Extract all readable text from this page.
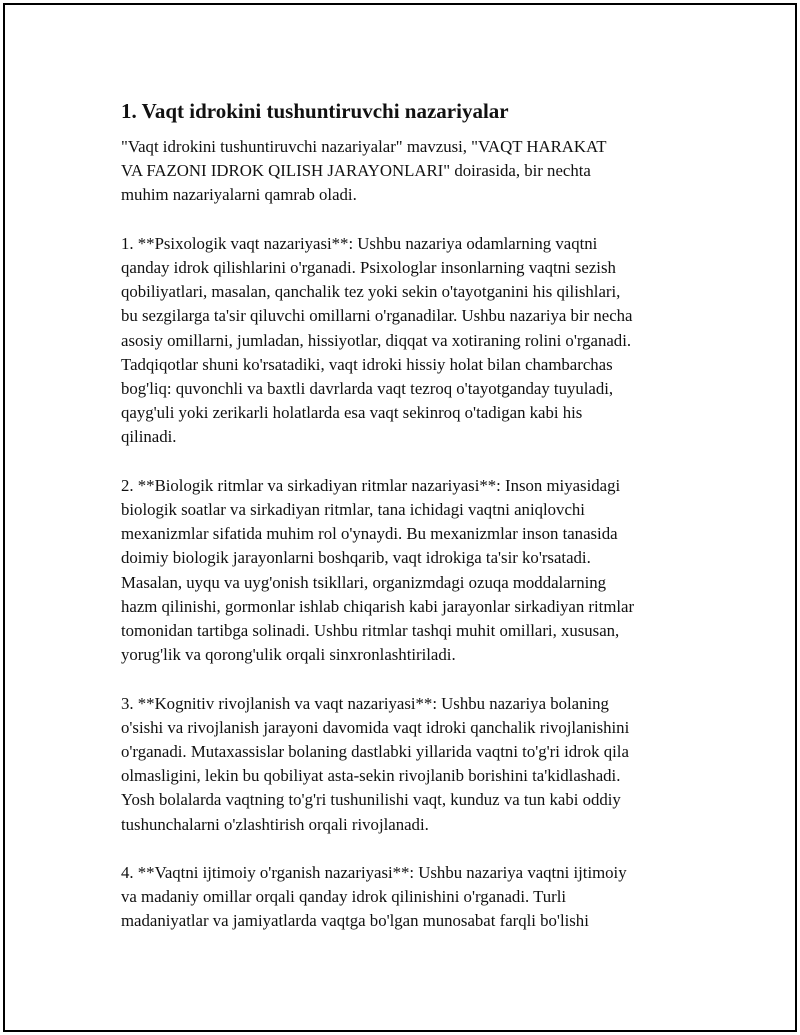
1. Vaqt idrokini tushuntiruvchi nazariyalar
"Vaqt idrokini tushuntiruvchi nazariyalar" mavzusi, "VAQT HARAKAT
VA FAZONI IDROK QILISH JARAYONLARI" doirasida, bir nechta
muhim nazariyalarni qamrab oladi.
1. **Psixologik vaqt nazariyasi**: Ushbu nazariya odamlarning vaqtni
qanday idrok qilishlarini o'rganadi. Psixologlar insonlarning vaqtni sezish
qobiliyatlari, masalan, qanchalik tez yoki sekin o'tayotganini his qilishlari,
bu sezgilarga ta'sir qiluvchi omillarni o'rganadilar. Ushbu nazariya bir necha
asosiy omillarni, jumladan, hissiyotlar, diqqat va xotiraning rolini o'rganadi.
Tadqiqotlar shuni ko'rsatadiki, vaqt idroki hissiy holat bilan chambarchas
bog'liq: quvonchli va baxtli davrlarda vaqt tezroq o'tayotganday tuyuladi,
qayg'uli yoki zerikarli holatlarda esa vaqt sekinroq o'tadigan kabi his
qilinadi.
2. **Biologik ritmlar va sirkadiyan ritmlar nazariyasi**: Inson miyasidagi
biologik soatlar va sirkadiyan ritmlar, tana ichidagi vaqtni aniqlovchi
mexanizmlar sifatida muhim rol o'ynaydi. Bu mexanizmlar inson tanasida
doimiy biologik jarayonlarni boshqarib, vaqt idrokiga ta'sir ko'rsatadi.
Masalan, uyqu va uyg'onish tsikllari, organizmdagi ozuqa moddalarning
hazm qilinishi, gormonlar ishlab chiqarish kabi jarayonlar sirkadiyan ritmlar
tomonidan tartibga solinadi. Ushbu ritmlar tashqi muhit omillari, xususan,
yorug'lik va qorong'ulik orqali sinxronlashtiriladi.
3. **Kognitiv rivojlanish va vaqt nazariyasi**: Ushbu nazariya bolaning
o'sishi va rivojlanish jarayoni davomida vaqt idroki qanchalik rivojlanishini
o'rganadi. Mutaxassislar bolaning dastlabki yillarida vaqtni to'g'ri idrok qila
olmasligini, lekin bu qobiliyat asta-sekin rivojlanib borishini ta'kidlashadi.
Yosh bolalarda vaqtning to'g'ri tushunilishi vaqt, kunduz va tun kabi oddiy
tushunchalarni o'zlashtirish orqali rivojlanadi.
4. **Vaqtni ijtimoiy o'rganish nazariyasi**: Ushbu nazariya vaqtni ijtimoiy
va madaniy omillar orqali qanday idrok qilinishini o'rganadi. Turli
madaniyatlar va jamiyatlarda vaqtga bo'lgan munosabat farqli bo'lishi
